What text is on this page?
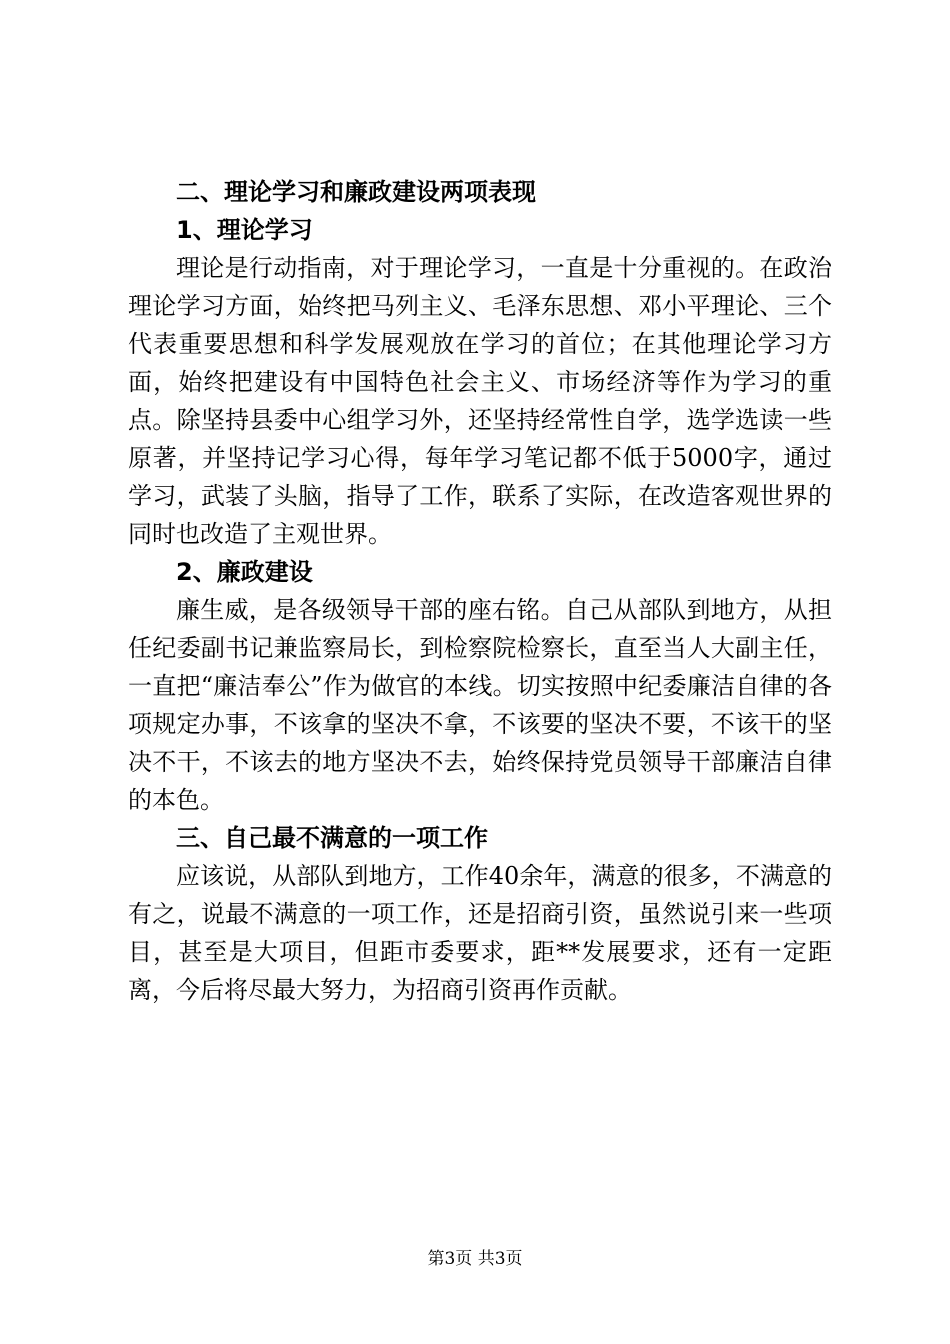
二、理论学习和廉政建设两项表现

1、理论学习

理论是行动指南，对于理论学习，一直是十分重视的。在政治理论学习方面，始终把马列主义、毛泽东思想、邓小平理论、三个代表重要思想和科学发展观放在学习的首位；在其他理论学习方面，始终把建设有中国特色社会主义、市场经济等作为学习的重点。除坚持县委中心组学习外，还坚持经常性自学，选学选读一些原著，并坚持记学习心得，每年学习笔记都不低于5000字，通过学习，武装了头脑，指导了工作，联系了实际，在改造客观世界的同时也改造了主观世界。

2、廉政建设

廉生威，是各级领导干部的座右铭。自己从部队到地方，从担任纪委副书记兼监察局长，到检察院检察长，直至当人大副主任，一直把“廉洁奉公”作为做官的本线。切实按照中纪委廉洁自律的各项规定办事，不该拿的坚决不拿，不该要的坚决不要，不该干的坚决不干，不该去的地方坚决不去，始终保持党员领导干部廉洁自律的本色。

三、自己最不满意的一项工作

应该说，从部队到地方，工作40余年，满意的很多，不满意的有之，说最不满意的一项工作，还是招商引资，虽然说引来一些项目，甚至是大项目，但距市委要求，距**发展要求，还有一定距离，今后将尽最大努力，为招商引资再作贡献。

第3页 共3页
